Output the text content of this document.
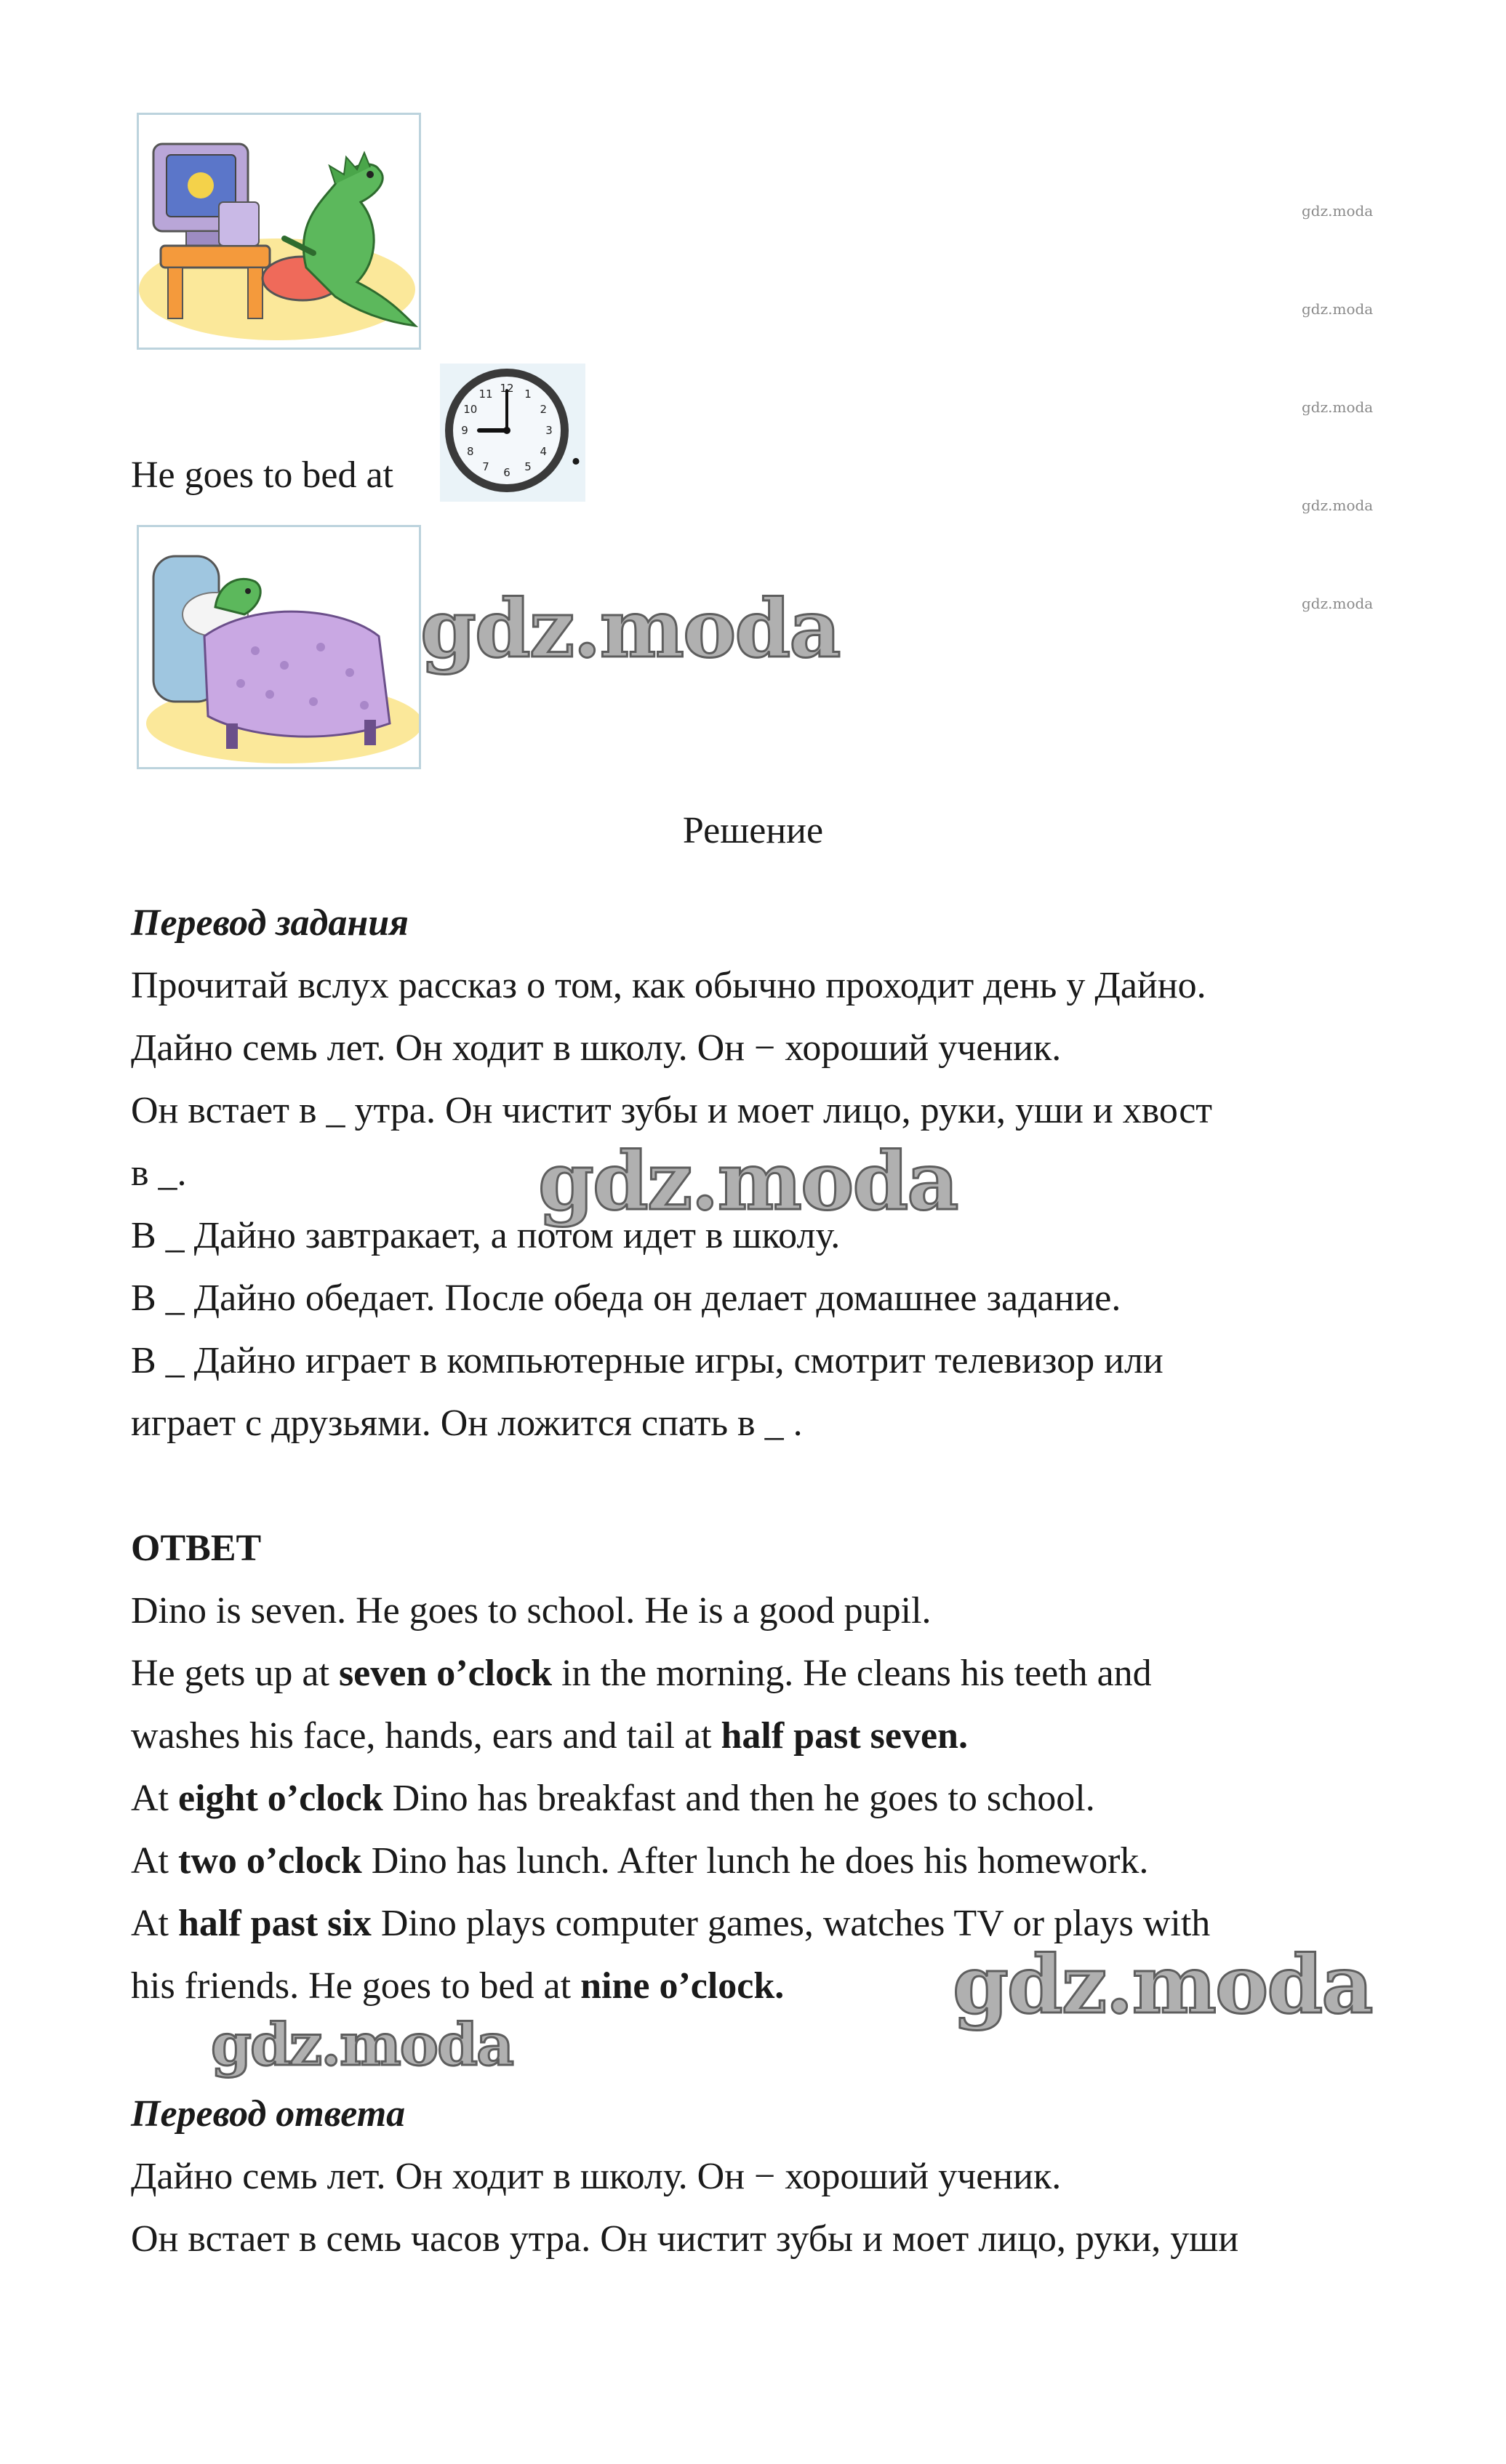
gdz.moda
gdz.moda
gdz.moda
gdz.moda
gdz.moda
He goes to bed at
12 1
2
3
4
5
6
7
8
9
10
11
.
gdz.moda
Решение
Перевод задания
Прочитай вслух рассказ о том, как обычно проходит день у Дайно.
Дайно семь лет. Он ходит в школу. Он − хороший ученик.
Он встает в _ утра. Он чистит зубы и моет лицо, руки, уши и хвост
в _.
В _ Дайно завтракает, а потом идет в школу.
В _ Дайно обедает. После обеда он делает домашнее задание.
В _ Дайно играет в компьютерные игры, смотрит телевизор или
играет с друзьями. Он ложится спать в _ .
gdz.moda
ОТВЕТ
Dino is seven. He goes to school. He is a good pupil.
He gets up at seven o’clock in the morning. He cleans his teeth and
washes his face, hands, ears and tail at half past seven.
At eight o’clock Dino has breakfast and then he goes to school.
At two o’clock Dino has lunch. After lunch he does his homework.
At half past six Dino plays computer games, watches TV or plays with
his friends. He goes to bed at nine o’clock. gdz.moda
gdz.moda
Перевод ответа
Дайно семь лет. Он ходит в школу. Он − хороший ученик.
Он встает в семь часов утра. Он чистит зубы и моет лицо, руки, уши
